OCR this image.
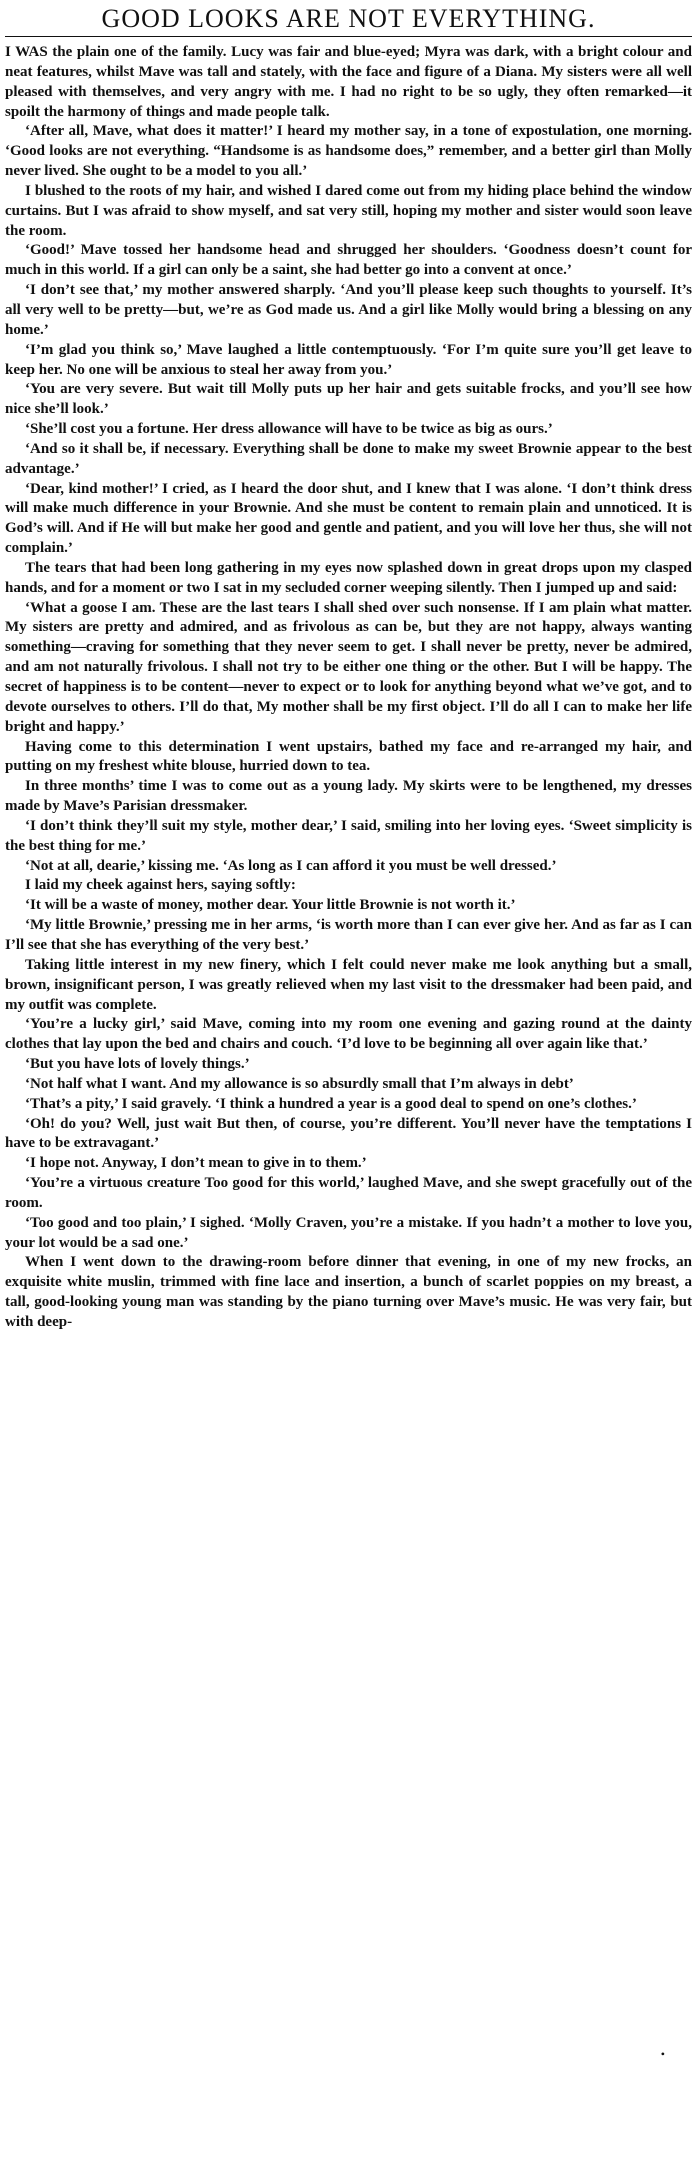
GOOD LOOKS ARE NOT EVERYTHING.

I WAS the plain one of the family. Lucy was fair and blue-eyed; Myra was dark, with a bright colour and neat features, whilst Mave was tall and stately, with the face and figure of a Diana. My sisters were all well pleased with themselves, and very angry with me. I had no right to be so ugly, they often remarked—it spoilt the harmony of things and made people talk.

‘After all, Mave, what does it matter!’ I heard my mother say, in a tone of expostulation, one morning. ‘Good looks are not everything. “Handsome is as handsome does,” remember, and a better girl than Molly never lived. She ought to be a model to you all.’

I blushed to the roots of my hair, and wished I dared come out from my hiding place behind the window curtains. But I was afraid to show myself, and sat very still, hoping my mother and sister would soon leave the room.

‘Good!’ Mave tossed her handsome head and shrugged her shoulders. ‘Goodness doesn’t count for much in this world. If a girl can only be a saint, she had better go into a convent at once.’

‘I don’t see that,’ my mother answered sharply. ‘And you’ll please keep such thoughts to yourself. It’s all very well to be pretty—but, we’re as God made us. And a girl like Molly would bring a blessing on any home.’

‘I’m glad you think so,’ Mave laughed a little contemptuously. ‘For I’m quite sure you’ll get leave to keep her. No one will be anxious to steal her away from you.’

‘You are very severe. But wait till Molly puts up her hair and gets suitable frocks, and you’ll see how nice she’ll look.’

‘She’ll cost you a fortune. Her dress allowance will have to be twice as big as ours.’

‘And so it shall be, if necessary. Everything shall be done to make my sweet Brownie appear to the best advantage.’

‘Dear, kind mother!’ I cried, as I heard the door shut, and I knew that I was alone. ‘I don’t think dress will make much difference in your Brownie. And she must be content to remain plain and unnoticed. It is God’s will. And if He will but make her good and gentle and patient, and you will love her thus, she will not complain.’

The tears that had been long gathering in my eyes now splashed down in great drops upon my clasped hands, and for a moment or two I sat in my secluded corner weeping silently. Then I jumped up and said:

‘What a goose I am. These are the last tears I shall shed over such nonsense. If I am plain what matter. My sisters are pretty and admired, and as frivolous as can be, but they are not happy, always wanting something—craving for something that they never seem to get. I shall never be pretty, never be admired, and am not naturally frivolous. I shall not try to be either one thing or the other. But I will be happy. The secret of happiness is to be content—never to expect or to look for anything beyond what we’ve got, and to devote ourselves to others. I’ll do that, My mother shall be my first object. I’ll do all I can to make her life bright and happy.’

Having come to this determination I went upstairs, bathed my face and re-arranged my hair, and putting on my freshest white blouse, hurried down to tea.

In three months’ time I was to come out as a young lady. My skirts were to be lengthened, my dresses made by Mave’s Parisian dressmaker.

‘I don’t think they’ll suit my style, mother dear,’ I said, smiling into her loving eyes. ‘Sweet simplicity is the best thing for me.’

‘Not at all, dearie,’ kissing me. ‘As long as I can afford it you must be well dressed.’

I laid my cheek against hers, saying softly:

‘It will be a waste of money, mother dear. Your little Brownie is not worth it.’

‘My little Brownie,’ pressing me in her arms, ‘is worth more than I can ever give her. And as far as I can I’ll see that she has everything of the very best.’

Taking little interest in my new finery, which I felt could never make me look anything but a small, brown, insignificant person, I was greatly relieved when my last visit to the dressmaker had been paid, and my outfit was complete.

‘You’re a lucky girl,’ said Mave, coming into my room one evening and gazing round at the dainty clothes that lay upon the bed and chairs and couch. ‘I’d love to be beginning all over again like that.’

‘But you have lots of lovely things.’

‘Not half what I want. And my allowance is so absurdly small that I’m always in debt’

‘That’s a pity,’ I said gravely. ‘I think a hundred a year is a good deal to spend on one’s clothes.’

‘Oh! do you? Well, just wait But then, of course, you’re different. You’ll never have the temptations I have to be extravagant.’

‘I hope not. Anyway, I don’t mean to give in to them.’

‘You’re a virtuous creature Too good for this world,’ laughed Mave, and she swept gracefully out of the room.

‘Too good and too plain,’ I sighed. ‘Molly Craven, you’re a mistake. If you hadn’t a mother to love you, your lot would be a sad one.’

When I went down to the drawing-room before dinner that evening, in one of my new frocks, an exquisite white muslin, trimmed with fine lace and insertion, a bunch of scarlet poppies on my breast, a tall, good-looking young man was standing by the piano turning over Mave’s music. He was very fair, but with deep-

•
